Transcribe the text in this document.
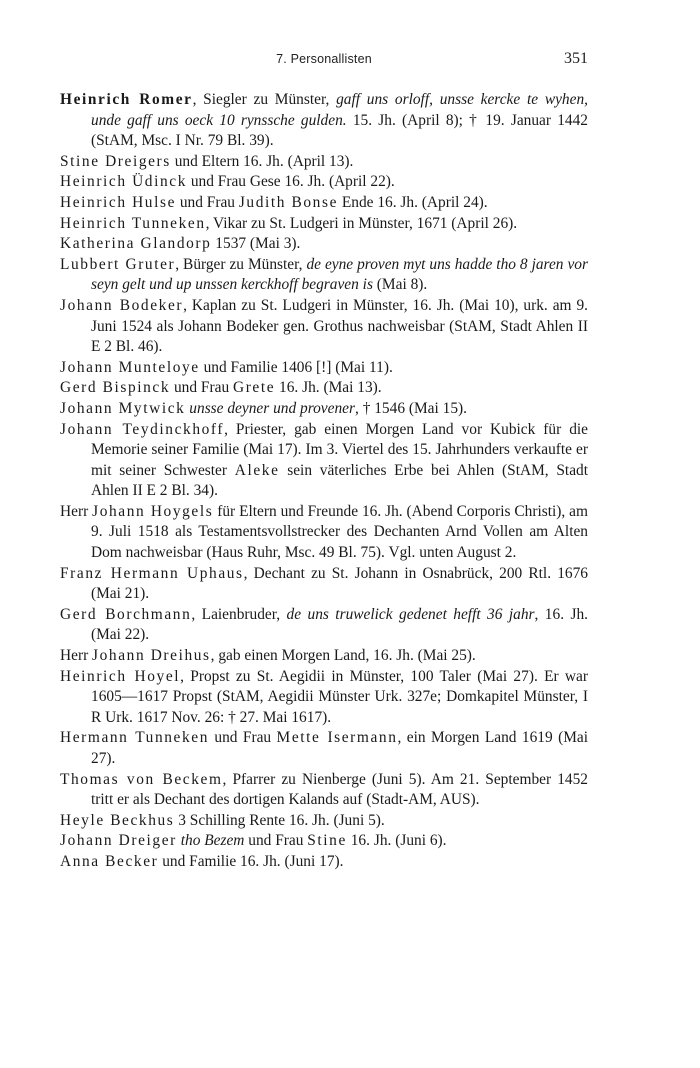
7. Personallisten	351

Heinrich Romer, Siegler zu Münster, gaff uns orloff, unsse kercke te wyhen, unde gaff uns oeck 10 rynssche gulden. 15. Jh. (April 8); † 19. Januar 1442 (StAM, Msc. I Nr. 79 Bl. 39).

Stine Dreigers und Eltern 16. Jh. (April 13).

Heinrich Üdinck und Frau Gese 16. Jh. (April 22).

Heinrich Hulse und Frau Judith Bonse Ende 16. Jh. (April 24).

Heinrich Tunneken, Vikar zu St. Ludgeri in Münster, 1671 (April 26).

Katherina Glandorp 1537 (Mai 3).

Lubbert Gruter, Bürger zu Münster, de eyne proven myt uns hadde tho 8 jaren vor seyn gelt und up unssen kerckhoff begraven is (Mai 8).

Johann Bodeker, Kaplan zu St. Ludgeri in Münster, 16. Jh. (Mai 10), urk. am 9. Juni 1524 als Johann Bodeker gen. Grothus nachweisbar (StAM, Stadt Ahlen II E 2 Bl. 46).

Johann Munteloye und Familie 1406 [!] (Mai 11).

Gerd Bispinck und Frau Grete 16. Jh. (Mai 13).

Johann Mytwick unsse deyner und provener, † 1546 (Mai 15).

Johann Teydinckhoff, Priester, gab einen Morgen Land vor Kubick für die Memorie seiner Familie (Mai 17). Im 3. Viertel des 15. Jahrhunders verkaufte er mit seiner Schwester Aleke sein väterliches Erbe bei Ahlen (StAM, Stadt Ahlen II E 2 Bl. 34).

Herr Johann Hoygels für Eltern und Freunde 16. Jh. (Abend Corporis Christi), am 9. Juli 1518 als Testamentsvollstrecker des Dechanten Arnd Vollen am Alten Dom nachweisbar (Haus Ruhr, Msc. 49 Bl. 75). Vgl. unten August 2.

Franz Hermann Uphaus, Dechant zu St. Johann in Osnabrück, 200 Rtl. 1676 (Mai 21).

Gerd Borchmann, Laienbruder, de uns truwelick gedenet hefft 36 jahr, 16. Jh. (Mai 22).

Herr Johann Dreihus, gab einen Morgen Land, 16. Jh. (Mai 25).

Heinrich Hoyel, Propst zu St. Aegidii in Münster, 100 Taler (Mai 27). Er war 1605—1617 Propst (StAM, Aegidii Münster Urk. 327e; Domkapitel Münster, I R Urk. 1617 Nov. 26: † 27. Mai 1617).

Hermann Tunneken und Frau Mette Isermann, ein Morgen Land 1619 (Mai 27).

Thomas von Beckem, Pfarrer zu Nienberge (Juni 5). Am 21. September 1452 tritt er als Dechant des dortigen Kalands auf (Stadt-AM, AUS).

Heyle Beckhus 3 Schilling Rente 16. Jh. (Juni 5).

Johann Dreiger tho Bezem und Frau Stine 16. Jh. (Juni 6).

Anna Becker und Familie 16. Jh. (Juni 17).
